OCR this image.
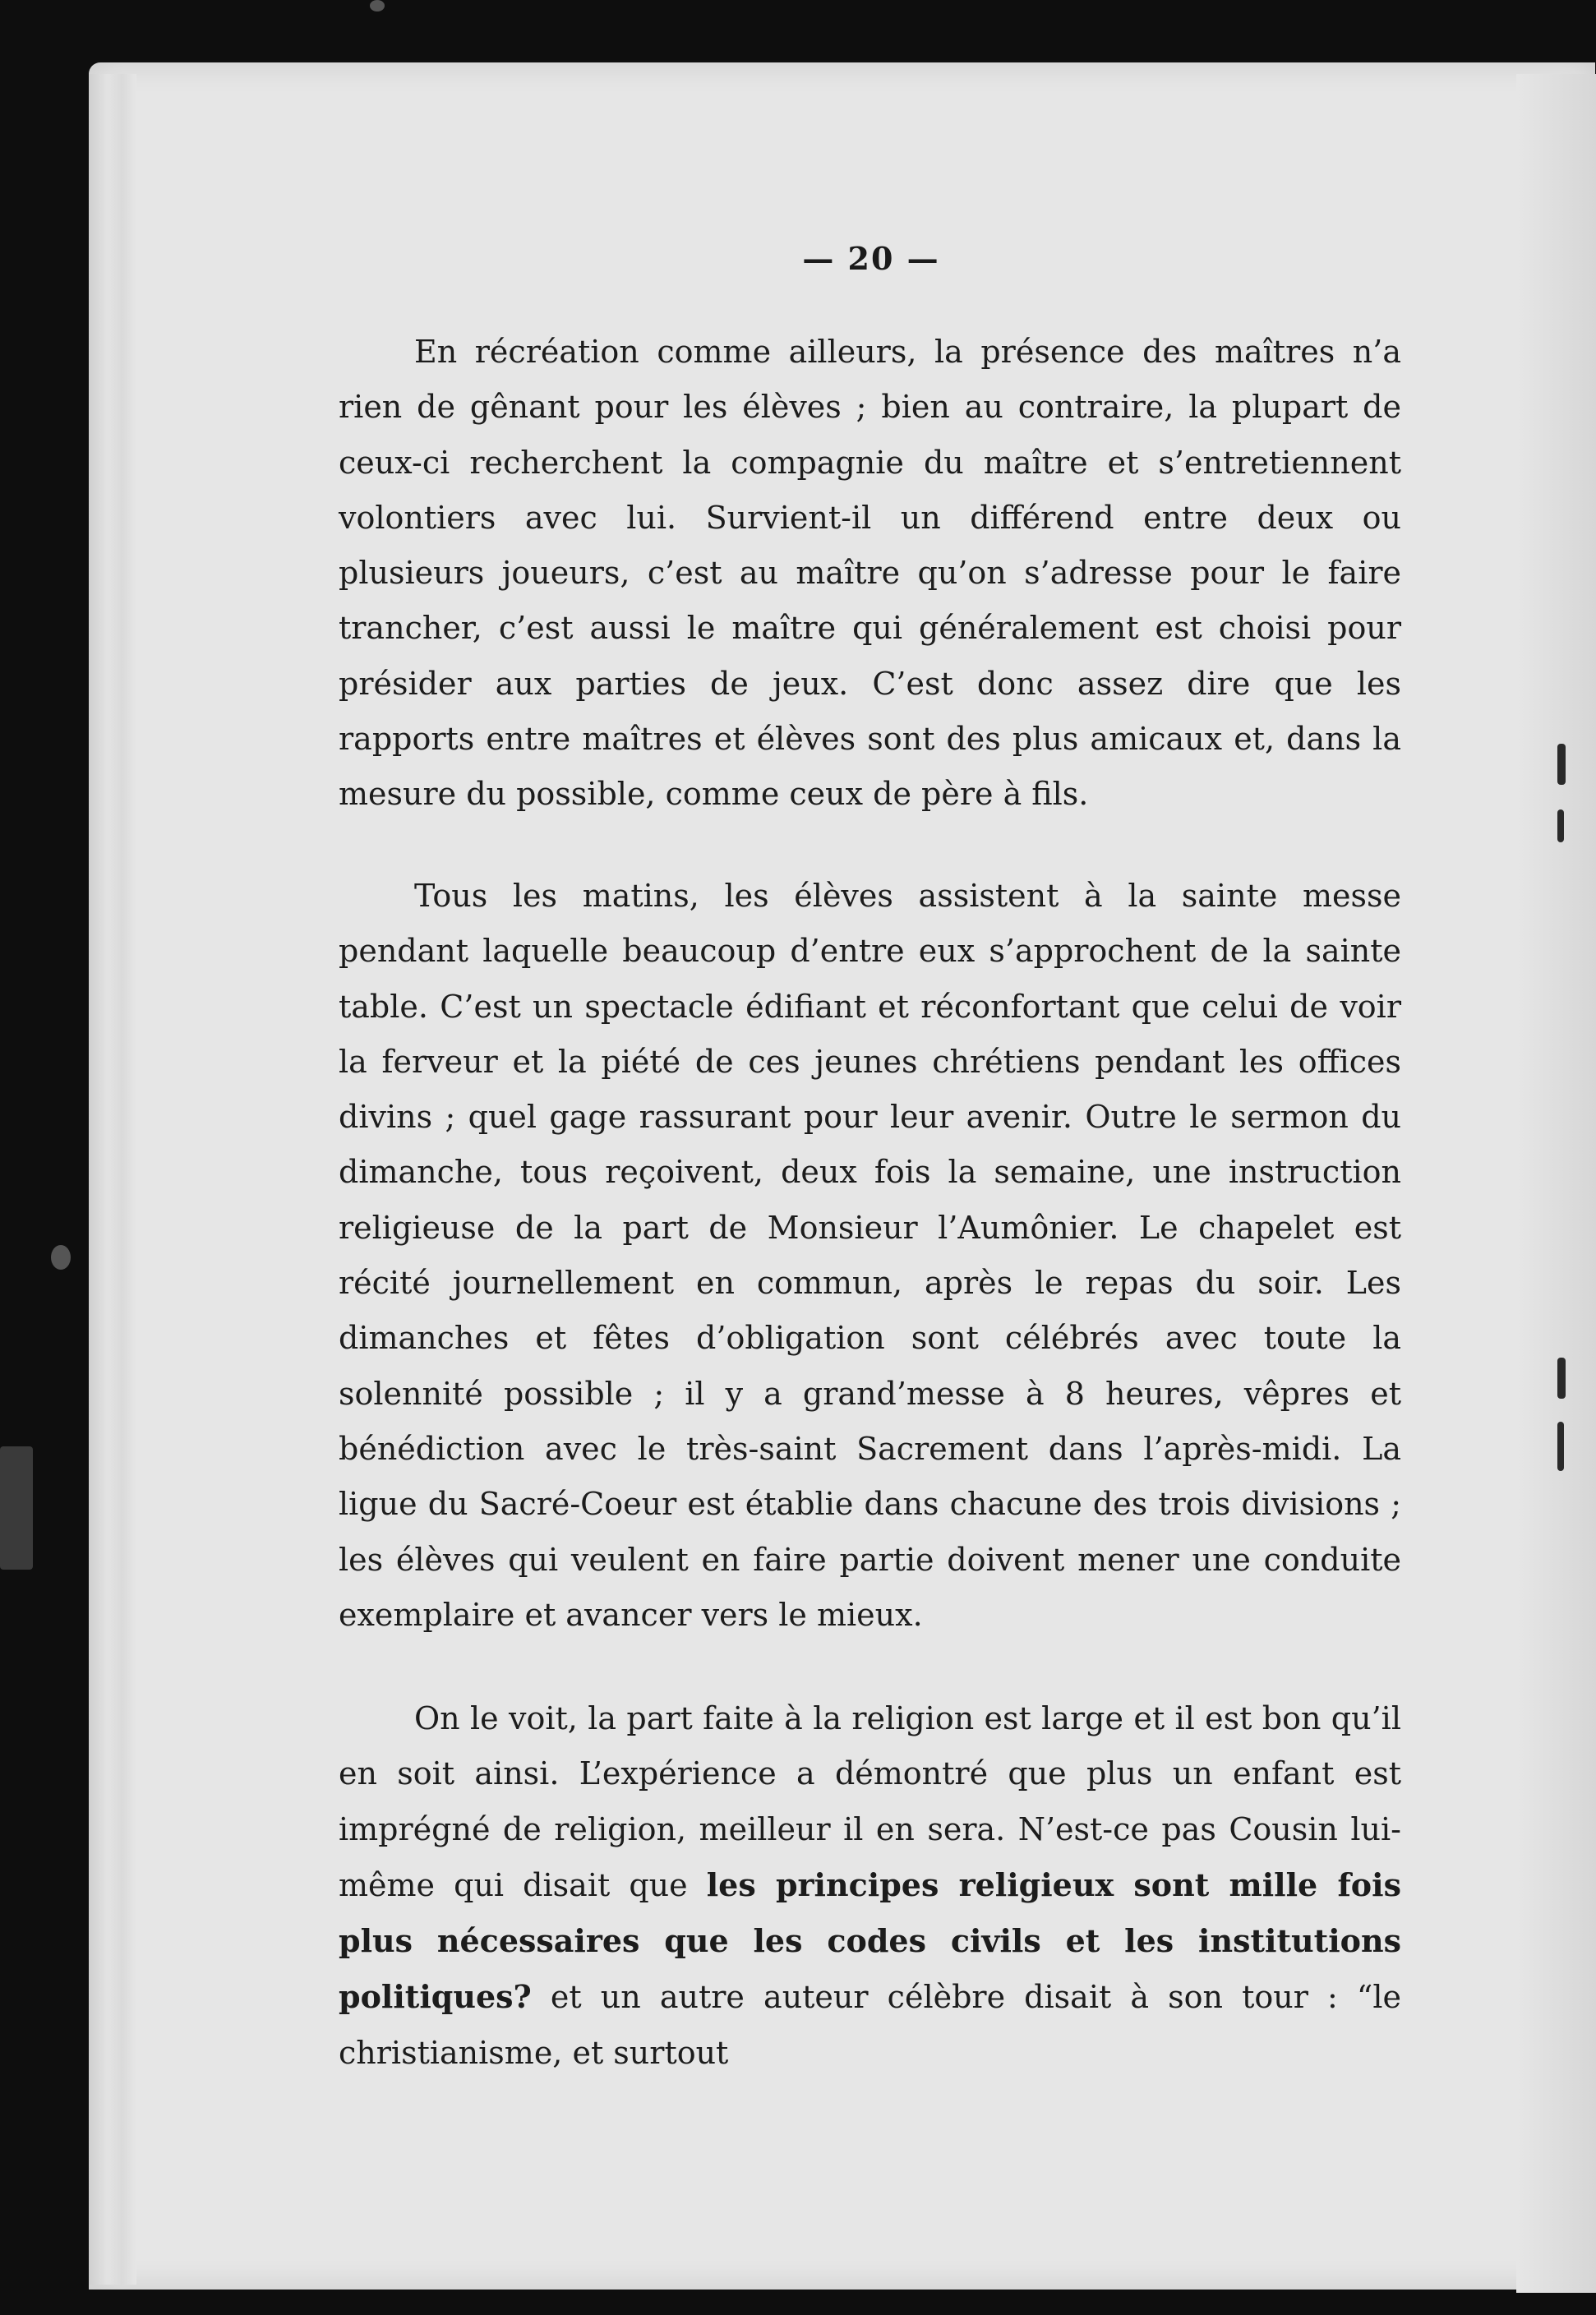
— 20 —

En récréation comme ailleurs, la présence des maîtres n’a rien de gênant pour les élèves ; bien au contraire, la plupart de ceux-ci recherchent la compagnie du maître et s’entretiennent volontiers avec lui. Survient-il un différend entre deux ou plusieurs joueurs, c’est au maître qu’on s’adresse pour le faire trancher, c’est aussi le maître qui généralement est choisi pour présider aux parties de jeux. C’est donc assez dire que les rapports entre maîtres et élèves sont des plus amicaux et, dans la mesure du possible, comme ceux de père à fils.

Tous les matins, les élèves assistent à la sainte messe pendant laquelle beaucoup d’entre eux s’approchent de la sainte table. C’est un spectacle édifiant et réconfortant que celui de voir la ferveur et la piété de ces jeunes chrétiens pendant les offices divins ; quel gage rassurant pour leur avenir. Outre le sermon du dimanche, tous reçoivent, deux fois la semaine, une instruction religieuse de la part de Monsieur l’Aumônier. Le chapelet est récité journellement en commun, après le repas du soir. Les dimanches et fêtes d’obligation sont célébrés avec toute la solennité possible ; il y a grand’messe à 8 heures, vêpres et bénédiction avec le très-saint Sacrement dans l’après-midi. La ligue du Sacré-Coeur est établie dans chacune des trois divisions ; les élèves qui veulent en faire partie doivent mener une conduite exemplaire et avancer vers le mieux.

On le voit, la part faite à la religion est large et il est bon qu’il en soit ainsi. L’expérience a démontré que plus un enfant est imprégné de religion, meilleur il en sera. N’est-ce pas Cousin lui-même qui disait que les principes religieux sont mille fois plus nécessaires que les codes civils et les institutions politiques? et un autre auteur célèbre disait à son tour : “le christianisme, et surtout
